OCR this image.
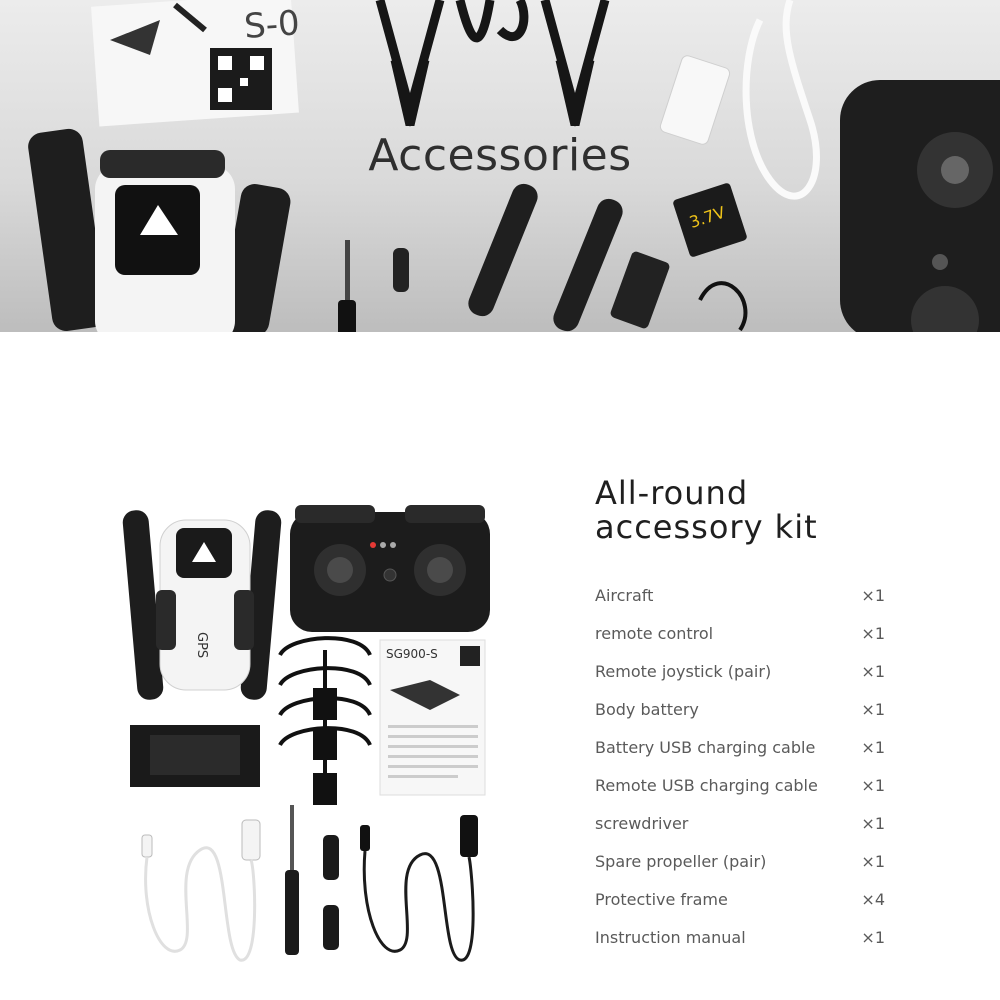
S-0
3.7V
Accessories
GPS	SG900-S
All-round
accessory kit
Aircraft	×1
remote control	×1
Remote joystick (pair)	×1
Body battery	×1
Battery USB charging cable	×1
Remote USB charging cable	×1
screwdriver	×1
Spare propeller (pair)	×1
Protective frame	×4
Instruction manual	×1
